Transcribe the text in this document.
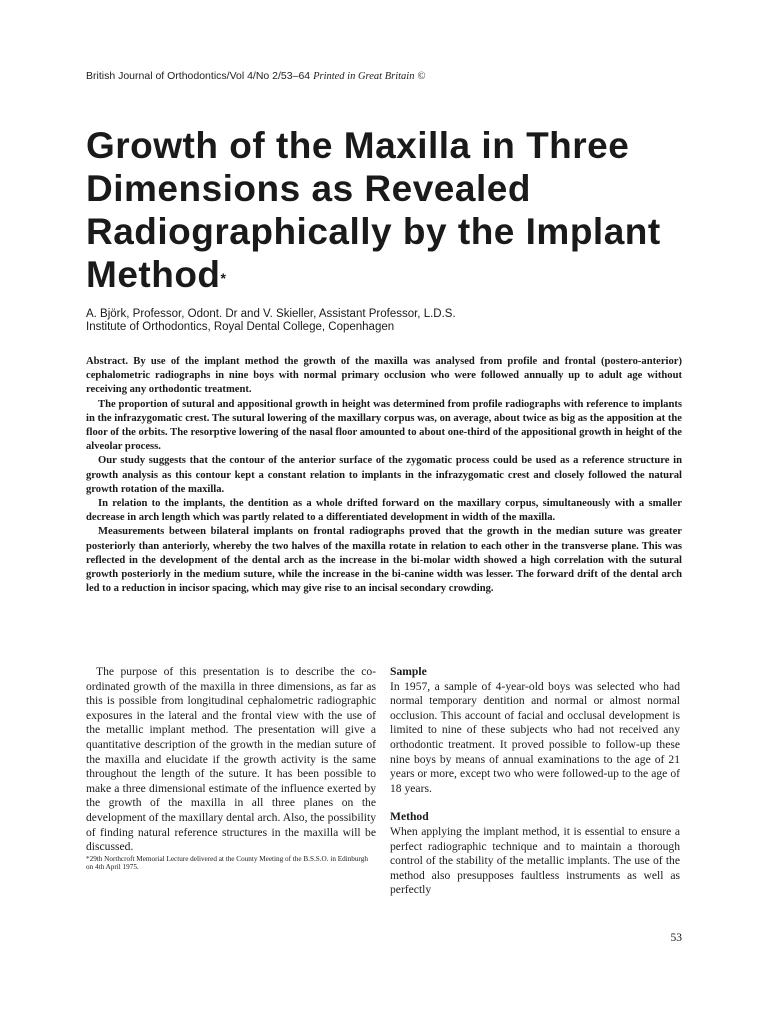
British Journal of Orthodontics/Vol 4/No 2/53–64 Printed in Great Britain ©
Growth of the Maxilla in Three Dimensions as Revealed Radiographically by the Implant Method*
A. Björk, Professor, Odont. Dr and V. Skieller, Assistant Professor, L.D.S.
Institute of Orthodontics, Royal Dental College, Copenhagen

Abstract. By use of the implant method the growth of the maxilla was analysed from profile and frontal (postero-anterior) cephalometric radiographs in nine boys with normal primary occlusion who were followed annually up to adult age without receiving any orthodontic treatment.

The proportion of sutural and appositional growth in height was determined from profile radiographs with reference to implants in the infrazygomatic crest. The sutural lowering of the maxillary corpus was, on average, about twice as big as the apposition at the floor of the orbits. The resorptive lowering of the nasal floor amounted to about one-third of the appositional growth in height of the alveolar process.

Our study suggests that the contour of the anterior surface of the zygomatic process could be used as a reference structure in growth analysis as this contour kept a constant relation to implants in the infrazygomatic crest and closely followed the natural growth rotation of the maxilla.

In relation to the implants, the dentition as a whole drifted forward on the maxillary corpus, simultaneously with a smaller decrease in arch length which was partly related to a differentiated development in width of the maxilla.

Measurements between bilateral implants on frontal radiographs proved that the growth in the median suture was greater posteriorly than anteriorly, whereby the two halves of the maxilla rotate in relation to each other in the transverse plane. This was reflected in the development of the dental arch as the increase in the bi-molar width showed a high correlation with the sutural growth posteriorly in the medium suture, while the increase in the bi-canine width was lesser. The forward drift of the dental arch led to a reduction in incisor spacing, which may give rise to an incisal secondary crowding.

The purpose of this presentation is to describe the co-ordinated growth of the maxilla in three dimensions, as far as this is possible from longitudinal cephalometric radiographic exposures in the lateral and the frontal view with the use of the metallic implant method. The presentation will give a quantitative description of the growth in the median suture of the maxilla and elucidate if the growth activity is the same throughout the length of the suture. It has been possible to make a three dimensional estimate of the influence exerted by the growth of the maxilla in all three planes on the development of the maxillary dental arch. Also, the possibility of finding natural reference structures in the maxilla will be discussed.

*29th Northcroft Memorial Lecture delivered at the County Meeting of the B.S.S.O. in Edinburgh on 4th April 1975.

Sample

In 1957, a sample of 4-year-old boys was selected who had normal temporary dentition and normal or almost normal occlusion. This account of facial and occlusal development is limited to nine of these subjects who had not received any orthodontic treatment. It proved possible to follow-up these nine boys by means of annual examinations to the age of 21 years or more, except two who were followed-up to the age of 18 years.

Method

When applying the implant method, it is essential to ensure a perfect radiographic technique and to maintain a thorough control of the stability of the metallic implants. The use of the method also presupposes faultless instruments as well as perfectly

53
